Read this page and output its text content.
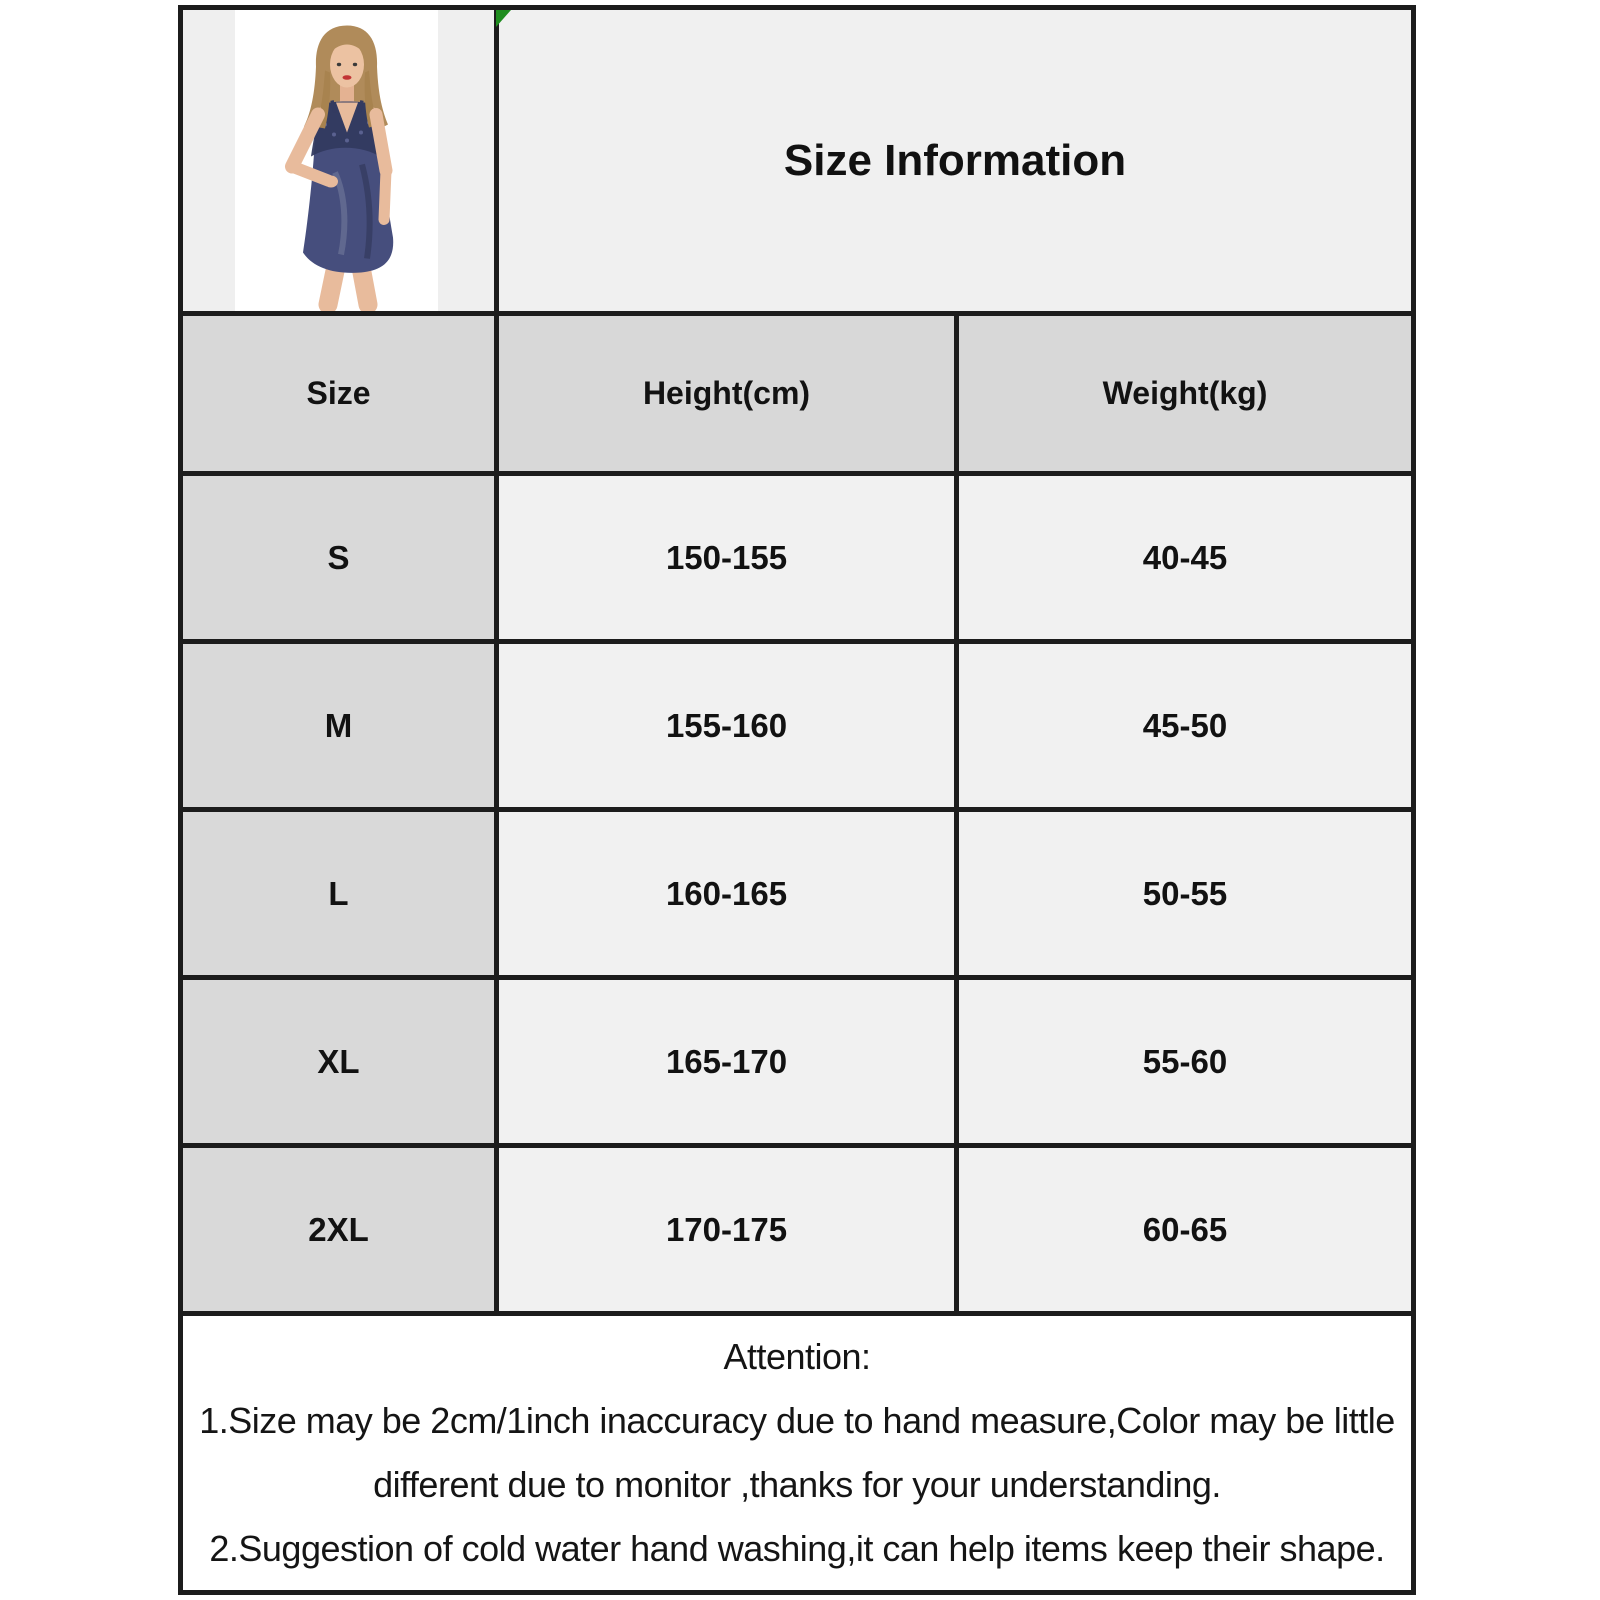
	Size Information	
Size	Height(cm)	Weight(kg)
S	150-155	40-45
M	155-160	45-50
L	160-165	50-55
XL	165-170	55-60
2XL	170-175	60-65

Attention:
1.Size may be 2cm/1inch inaccuracy due to hand measure,Color may be little different due to monitor ,thanks for your understanding.
2.Suggestion of cold water hand washing,it can help items keep their shape.		
